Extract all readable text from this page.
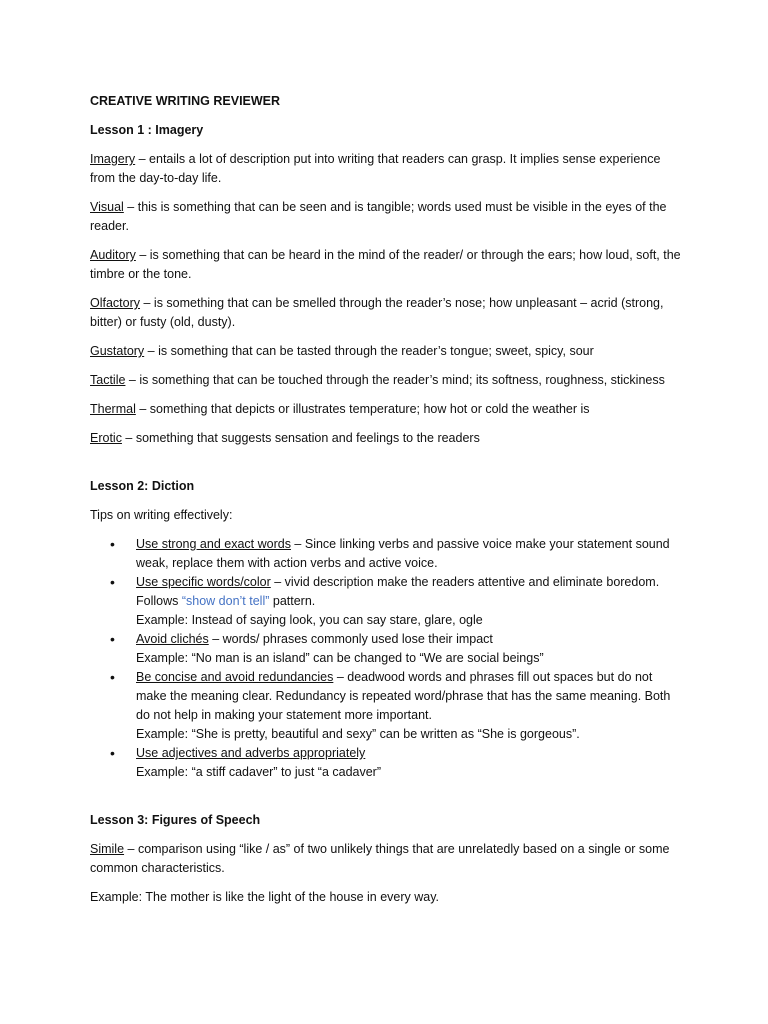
CREATIVE WRITING REVIEWER

Lesson 1 : Imagery

Imagery – entails a lot of description put into writing that readers can grasp. It implies sense experience from the day-to-day life.

Visual – this is something that can be seen and is tangible; words used must be visible in the eyes of the reader.

Auditory – is something that can be heard in the mind of the reader/ or through the ears; how loud, soft, the timbre or the tone.

Olfactory – is something that can be smelled through the reader’s nose; how unpleasant – acrid (strong, bitter) or fusty (old, dusty).

Gustatory – is something that can be tasted through the reader’s tongue; sweet, spicy, sour

Tactile – is something that can be touched through the reader’s mind; its softness, roughness, stickiness

Thermal – something that depicts or illustrates temperature; how hot or cold the weather is

Erotic – something that suggests sensation and feelings to the readers

Lesson 2: Diction

Tips on writing effectively:

• Use strong and exact words – Since linking verbs and passive voice make your statement sound weak, replace them with action verbs and active voice.
• Use specific words/color – vivid description make the readers attentive and eliminate boredom.
Follows “show don’t tell” pattern.
Example: Instead of saying look, you can say stare, glare, ogle
• Avoid clichés – words/ phrases commonly used lose their impact
Example: “No man is an island” can be changed to “We are social beings”
• Be concise and avoid redundancies – deadwood words and phrases fill out spaces but do not make the meaning clear. Redundancy is repeated word/phrase that has the same meaning. Both do not help in making your statement more important.
Example: “She is pretty, beautiful and sexy” can be written as “She is gorgeous”.
• Use adjectives and adverbs appropriately
Example: “a stiff cadaver” to just “a cadaver”

Lesson 3: Figures of Speech

Simile – comparison using “like / as” of two unlikely things that are unrelatedly based on a single or some common characteristics.

Example: The mother is like the light of the house in every way.
